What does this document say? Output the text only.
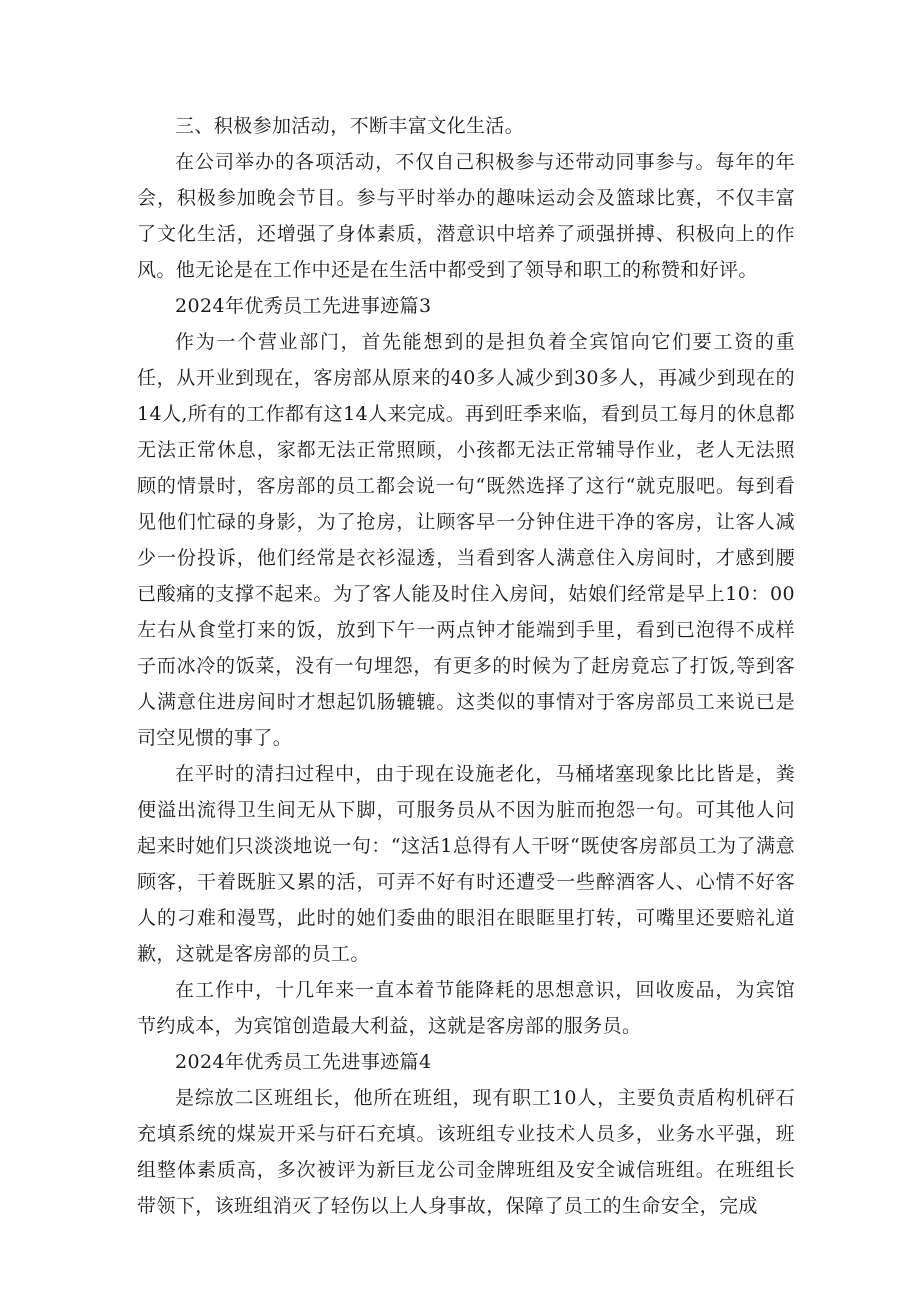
三、积极参加活动，不断丰富文化生活。

在公司举办的各项活动，不仅自己积极参与还带动同事参与。每年的年会，积极参加晚会节目。参与平时举办的趣味运动会及篮球比赛，不仅丰富了文化生活，还增强了身体素质，潜意识中培养了顽强拼搏、积极向上的作风。他无论是在工作中还是在生活中都受到了领导和职工的称赞和好评。

2024年优秀员工先进事迹篇3

作为一个营业部门，首先能想到的是担负着全宾馆向它们要工资的重任，从开业到现在，客房部从原来的40多人减少到30多人，再减少到现在的14人,所有的工作都有这14人来完成。再到旺季来临，看到员工每月的休息都无法正常休息，家都无法正常照顾，小孩都无法正常辅导作业，老人无法照顾的情景时，客房部的员工都会说一句“既然选择了这行“就克服吧。每到看见他们忙碌的身影，为了抢房，让顾客早一分钟住进干净的客房，让客人减少一份投诉，他们经常是衣衫湿透，当看到客人满意住入房间时，才感到腰已酸痛的支撑不起来。为了客人能及时住入房间，姑娘们经常是早上10：00左右从食堂打来的饭，放到下午一两点钟才能端到手里，看到已泡得不成样子而冰冷的饭菜，没有一句埋怨，有更多的时候为了赶房竟忘了打饭,等到客人满意住进房间时才想起饥肠辘辘。这类似的事情对于客房部员工来说已是司空见惯的事了。

在平时的清扫过程中，由于现在设施老化，马桶堵塞现象比比皆是，粪便溢出流得卫生间无从下脚，可服务员从不因为脏而抱怨一句。可其他人问起来时她们只淡淡地说一句：“这活1总得有人干呀“既使客房部员工为了满意顾客，干着既脏又累的活，可弄不好有时还遭受一些醉酒客人、心情不好客人的刁难和漫骂，此时的她们委曲的眼泪在眼眶里打转，可嘴里还要赔礼道歉，这就是客房部的员工。

在工作中，十几年来一直本着节能降耗的思想意识，回收废品，为宾馆节约成本，为宾馆创造最大利益，这就是客房部的服务员。

2024年优秀员工先进事迹篇4

是综放二区班组长，他所在班组，现有职工10人，主要负责盾构机砰石充填系统的煤炭开采与矸石充填。该班组专业技术人员多，业务水平强，班组整体素质高，多次被评为新巨龙公司金牌班组及安全诚信班组。在班组长带领下，该班组消灭了轻伤以上人身事故，保障了员工的生命安全，完成
